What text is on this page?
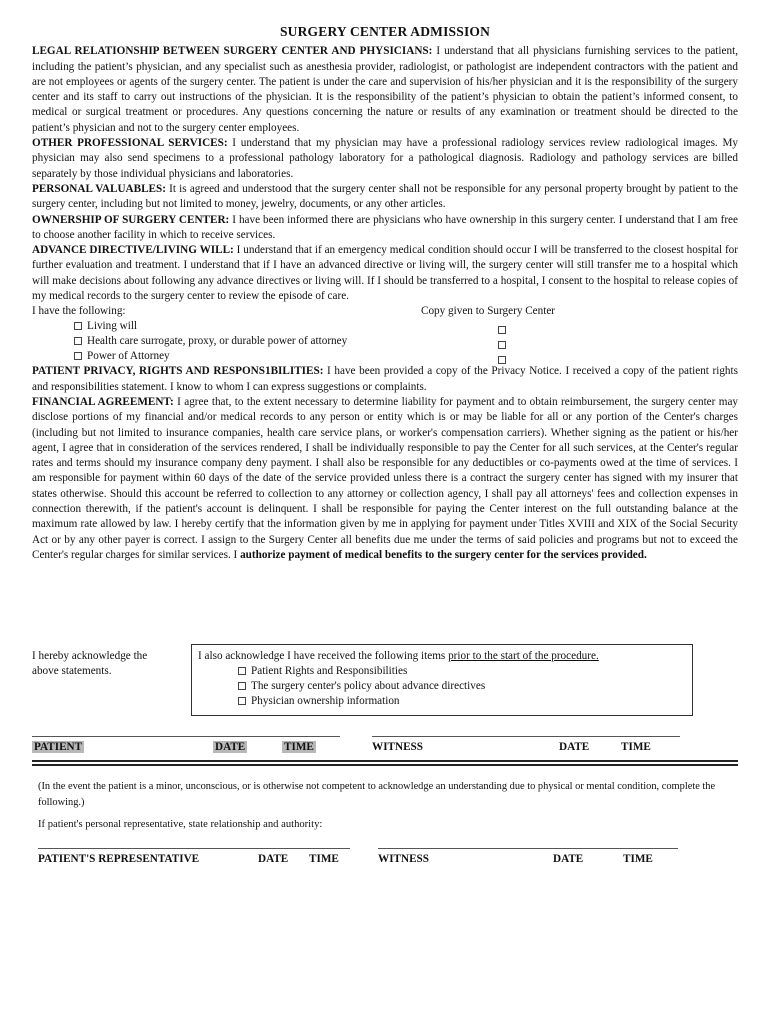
SURGERY CENTER ADMISSION

LEGAL RELATIONSHIP BETWEEN SURGERY CENTER AND PHYSICIANS: I understand that all physicians furnishing services to the patient, including the patient’s physician, and any specialist such as anesthesia provider, radiologist, or pathologist are independent contractors with the patient and are not employees or agents of the surgery center. The patient is under the care and supervision of his/her physician and it is the responsibility of the surgery center and its staff to carry out instructions of the physician. It is the responsibility of the patient’s physician to obtain the patient’s informed consent, to medical or surgical treatment or procedures. Any questions concerning the nature or results of any examination or treatment should be directed to the patient’s physician and not to the surgery center employees.

OTHER PROFESSIONAL SERVICES: I understand that my physician may have a professional radiology services review radiological images. My physician may also send specimens to a professional pathology laboratory for a pathological diagnosis. Radiology and pathology services are billed separately by those individual physicians and laboratories.

PERSONAL VALUABLES: It is agreed and understood that the surgery center shall not be responsible for any personal property brought by patient to the surgery center, including but not limited to money, jewelry, documents, or any other articles.

OWNERSHIP OF SURGERY CENTER: I have been informed there are physicians who have ownership in this surgery center. I understand that I am free to choose another facility in which to receive services.

ADVANCE DIRECTIVE/LIVING WILL: I understand that if an emergency medical condition should occur I will be transferred to the closest hospital for further evaluation and treatment. I understand that if I have an advanced directive or living will, the surgery center will still transfer me to a hospital which will make decisions about following any advance directives or living will. If I should be transferred to a hospital, I consent to the hospital to release copies of my medical records to the surgery center to review the episode of care.

I have the following:	Copy given to Surgery Center
Living will
Health care surrogate, proxy, or durable power of attorney
Power of Attorney

PATIENT PRIVACY, RIGHTS AND RESPONS1BILITIES: I have been provided a copy of the Privacy Notice. I received a copy of the patient rights and responsibilities statement. I know to whom I can express suggestions or complaints.

FINANCIAL AGREEMENT: I agree that, to the extent necessary to determine liability for payment and to obtain reimbursement, the surgery center may disclose portions of my financial and/or medical records to any person or entity which is or may be liable for all or any portion of the Center's charges (including but not limited to insurance companies, health care service plans, or worker's compensation carriers). Whether signing as the patient or his/her agent, I agree that in consideration of the services rendered, I shall be individually responsible to pay the Center for all such services, at the Center's regular rates and terms should my insurance company deny payment. I shall also be responsible for any deductibles or co-payments owed at the time of services. I am responsible for payment within 60 days of the date of the service provided unless there is a contract the surgery center has signed with my insurer that states otherwise. Should this account be referred to collection to any attorney or collection agency, I shall pay all attorneys' fees and collection expenses in connection therewith, if the patient's account is delinquent. I shall be responsible for paying the Center interest on the full outstanding balance at the maximum rate allowed by law. I hereby certify that the information given by me in applying for payment under Titles XVIII and XIX of the Social Security Act or by any other payer is correct. I assign to the Surgery Center all benefits due me under the terms of said policies and programs but not to exceed the Center's regular charges for similar services. I authorize payment of medical benefits to the surgery center for the services provided.

I hereby acknowledge the above statements.
I also acknowledge I have received the following items prior to the start of the procedure.
Patient Rights and Responsibilities
The surgery center's policy about advance directives
Physician ownership information
PATIENT	DATE	TIME	WITNESS	DATE	TIME
(In the event the patient is a minor, unconscious, or is otherwise not competent to acknowledge an understanding due to physical or mental condition, complete the following.)
If patient's personal representative, state relationship and authority:
PATIENT'S REPRESENTATIVE	DATE TIME	WITNESS	DATE	TIME
